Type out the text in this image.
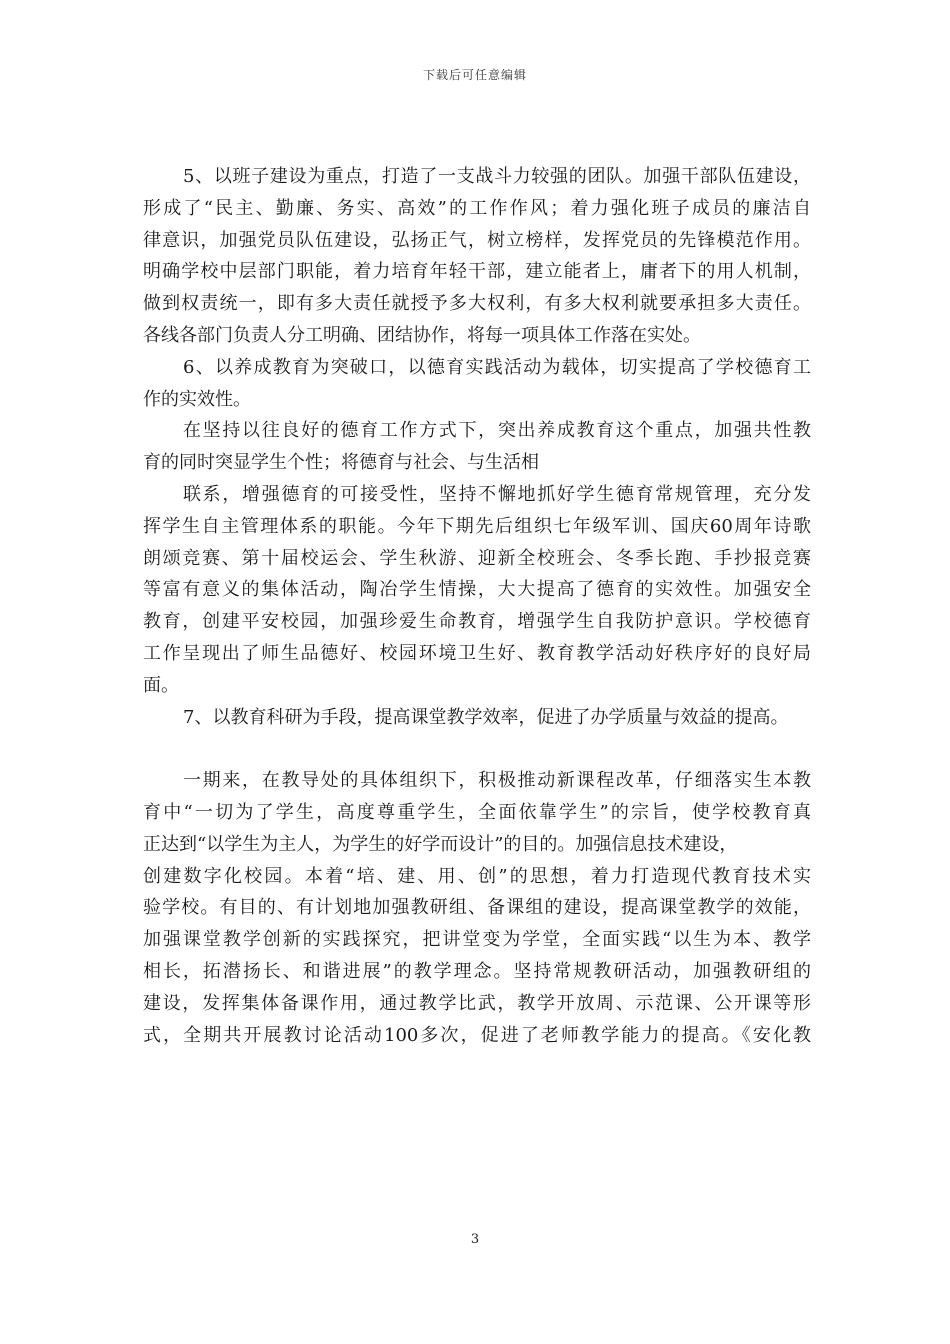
下载后可任意编辑
5、以班子建设为重点，打造了一支战斗力较强的团队。加强干部队伍建设，
形成了“民主、勤廉、务实、高效”的工作作风；着力强化班子成员的廉洁自
律意识，加强党员队伍建设，弘扬正气，树立榜样，发挥党员的先锋模范作用。
明确学校中层部门职能，着力培育年轻干部，建立能者上，庸者下的用人机制，
做到权责统一，即有多大责任就授予多大权利，有多大权利就要承担多大责任。
各线各部门负责人分工明确、团结协作，将每一项具体工作落在实处。
6、以养成教育为突破口，以德育实践活动为载体，切实提高了学校德育工
作的实效性。
在坚持以往良好的德育工作方式下，突出养成教育这个重点，加强共性教
育的同时突显学生个性；将德育与社会、与生活相
联系，增强德育的可接受性，坚持不懈地抓好学生德育常规管理，充分发
挥学生自主管理体系的职能。今年下期先后组织七年级军训、国庆60周年诗歌
朗颂竞赛、第十届校运会、学生秋游、迎新全校班会、冬季长跑、手抄报竞赛
等富有意义的集体活动，陶冶学生情操，大大提高了德育的实效性。加强安全
教育，创建平安校园，加强珍爱生命教育，增强学生自我防护意识。学校德育
工作呈现出了师生品德好、校园环境卫生好、教育教学活动好秩序好的良好局
面。
7、以教育科研为手段，提高课堂教学效率，促进了办学质量与效益的提高。
一期来，在教导处的具体组织下，积极推动新课程改革，仔细落实生本教
育中“一切为了学生，高度尊重学生，全面依靠学生”的宗旨，使学校教育真
正达到“以学生为主人，为学生的好学而设计”的目的。加强信息技术建设，
创建数字化校园。本着“培、建、用、创”的思想，着力打造现代教育技术实
验学校。有目的、有计划地加强教研组、备课组的建设，提高课堂教学的效能，
加强课堂教学创新的实践探究，把讲堂变为学堂，全面实践“以生为本、教学
相长，拓潜扬长、和谐进展”的教学理念。坚持常规教研活动，加强教研组的
建设，发挥集体备课作用，通过教学比武，教学开放周、示范课、公开课等形
式，全期共开展教讨论活动100多次，促进了老师教学能力的提高。《安化教
3
